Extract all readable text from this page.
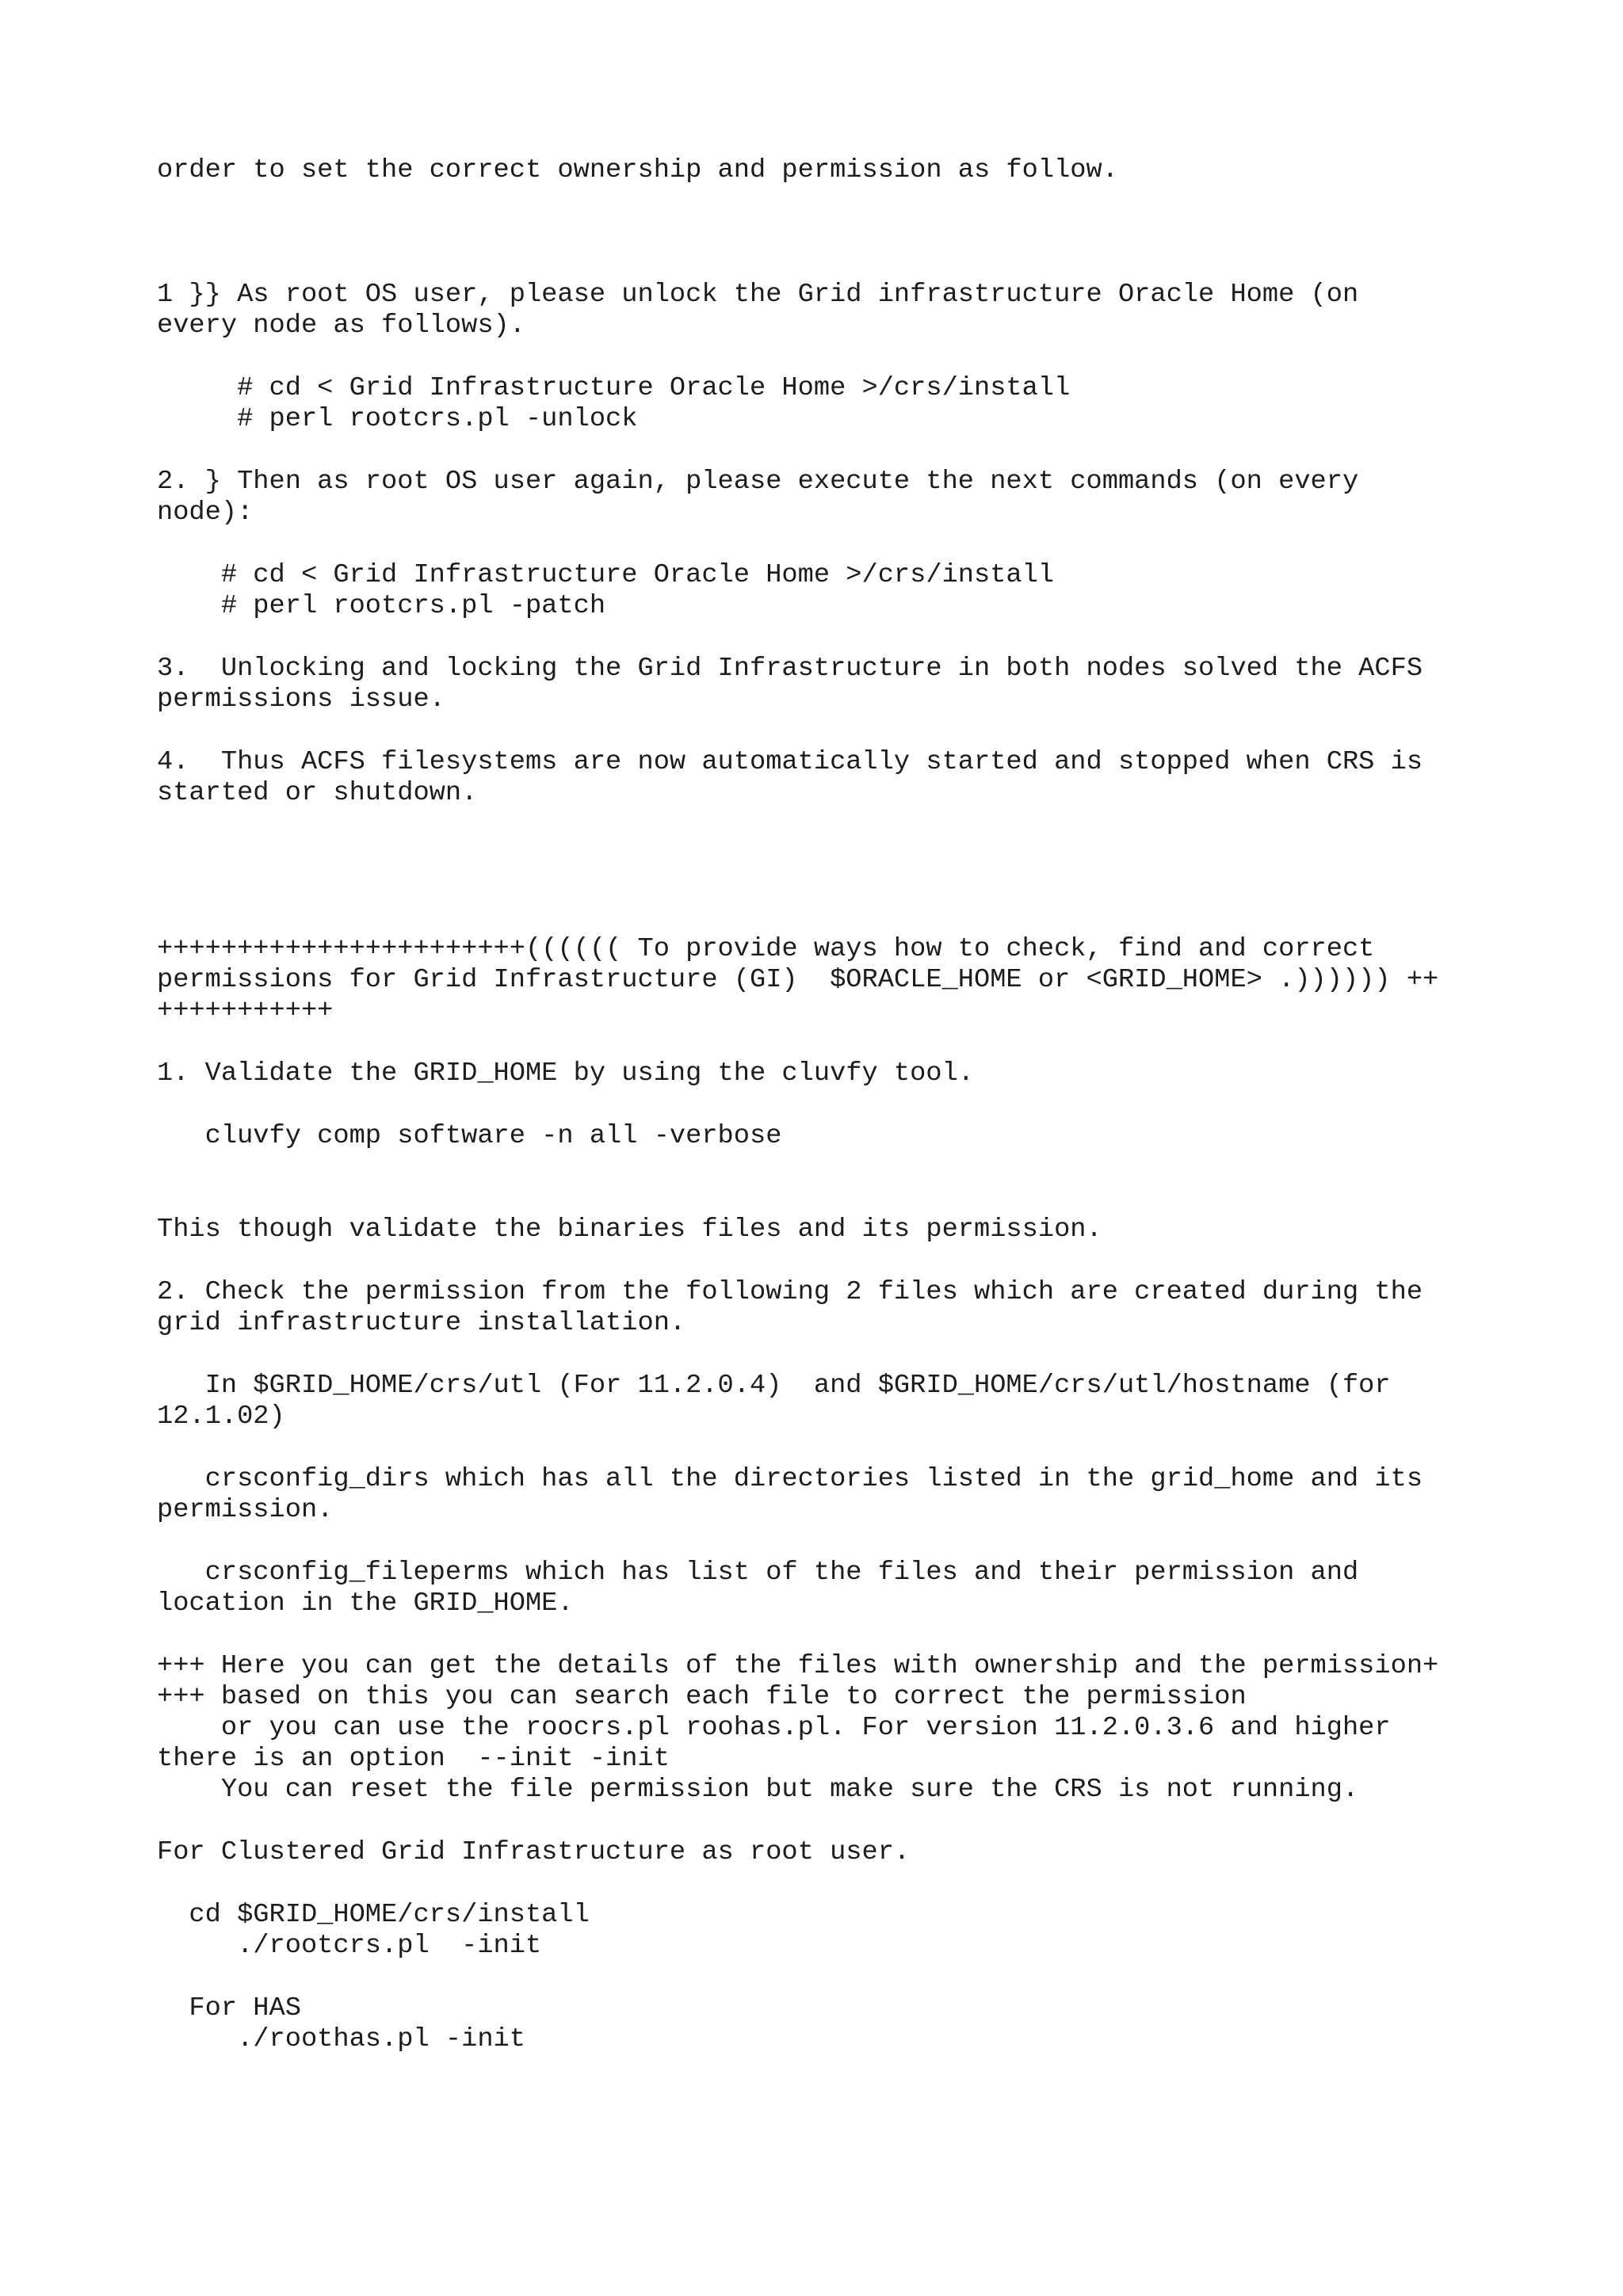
order to set the correct ownership and permission as follow.
1 }} As root OS user, please unlock the Grid infrastructure Oracle Home (on
every node as follows).
# cd < Grid Infrastructure Oracle Home >/crs/install
# perl rootcrs.pl -unlock
2. } Then as root OS user again, please execute the next commands (on every
node):
# cd < Grid Infrastructure Oracle Home >/crs/install
# perl rootcrs.pl -patch
3.  Unlocking and locking the Grid Infrastructure in both nodes solved the ACFS
permissions issue.
4.  Thus ACFS filesystems are now automatically started and stopped when CRS is
started or shutdown.
+++++++++++++++++++++++(((((( To provide ways how to check, find and correct
permissions for Grid Infrastructure (GI)  $ORACLE_HOME or <GRID_HOME> .)))))) ++
+++++++++++
1. Validate the GRID_HOME by using the cluvfy tool.
cluvfy comp software -n all -verbose
This though validate the binaries files and its permission.
2. Check the permission from the following 2 files which are created during the
grid infrastructure installation.
In $GRID_HOME/crs/utl (For 11.2.0.4)  and $GRID_HOME/crs/utl/hostname (for
12.1.02)
crsconfig_dirs which has all the directories listed in the grid_home and its
permission.
crsconfig_fileperms which has list of the files and their permission and
location in the GRID_HOME.
+++ Here you can get the details of the files with ownership and the permission+
+++ based on this you can search each file to correct the permission
or you can use the roocrs.pl roohas.pl. For version 11.2.0.3.6 and higher
there is an option  --init -init
You can reset the file permission but make sure the CRS is not running.
For Clustered Grid Infrastructure as root user.
cd $GRID_HOME/crs/install
./rootcrs.pl  -init
For HAS
./roothas.pl -init
